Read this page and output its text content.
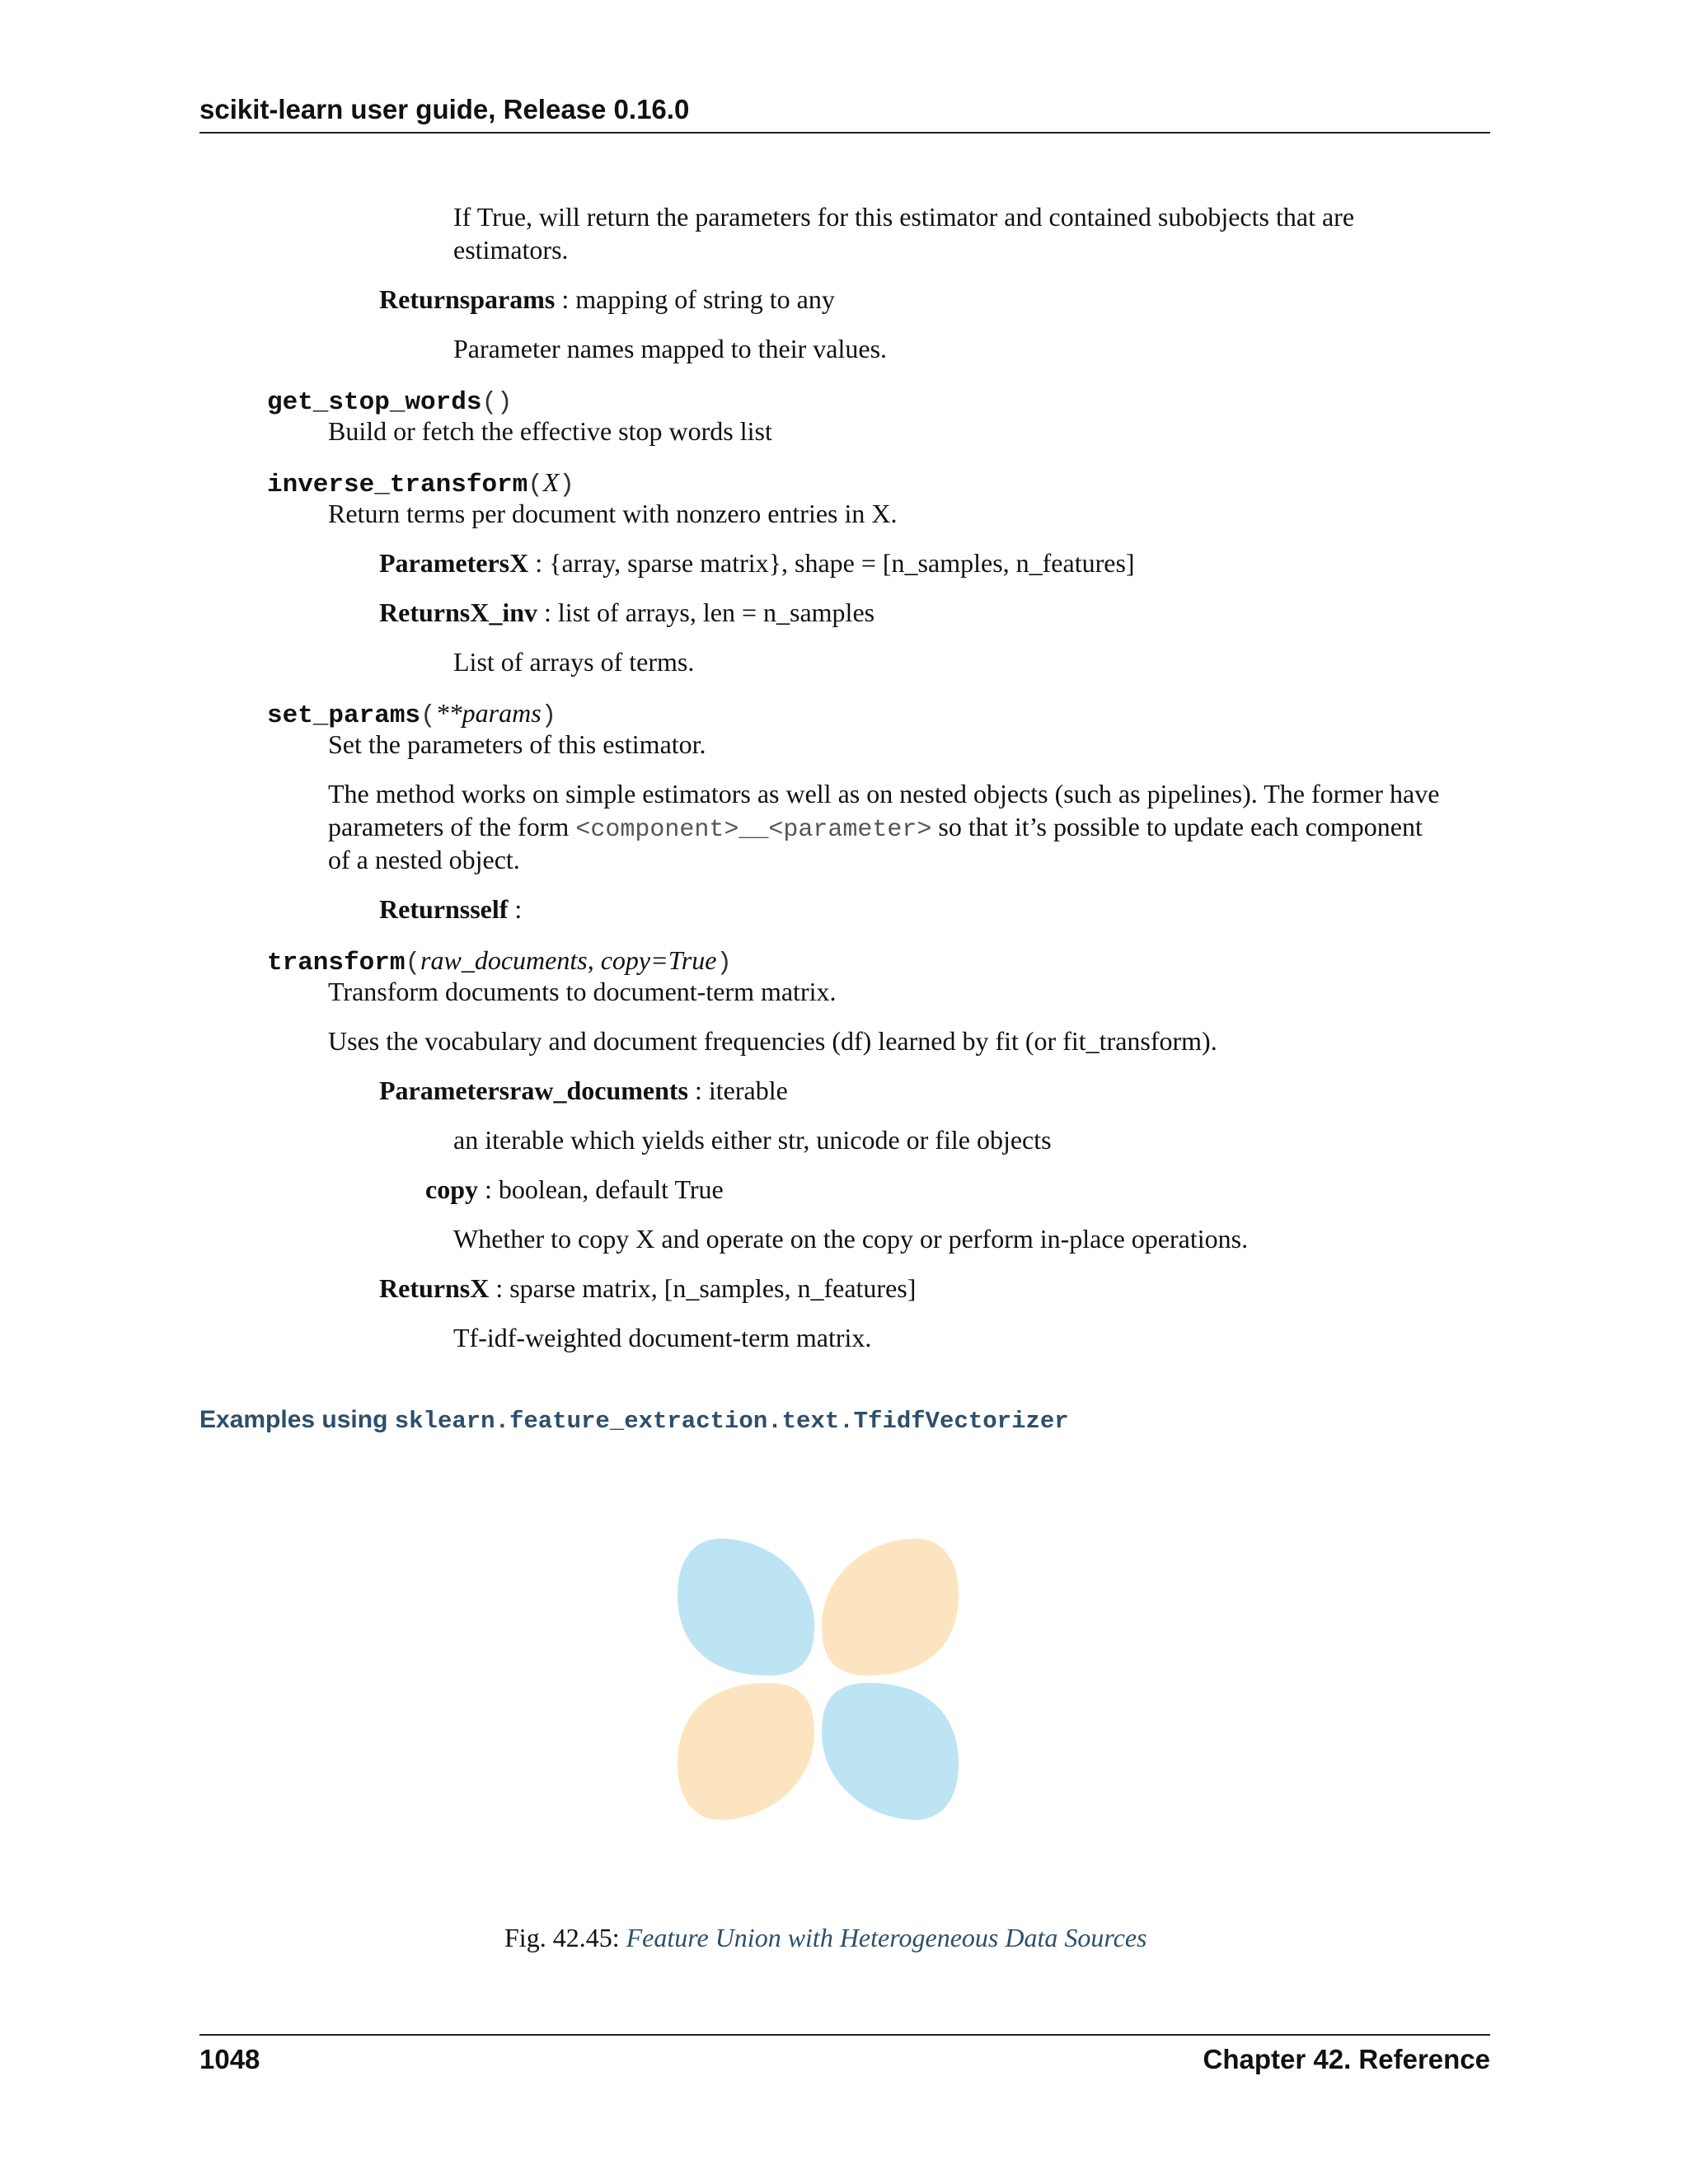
scikit-learn user guide, Release 0.16.0
If True, will return the parameters for this estimator and contained subobjects that are
estimators.
Returnsparams : mapping of string to any
Parameter names mapped to their values.
get_stop_words()
Build or fetch the effective stop words list
inverse_transform(X)
Return terms per document with nonzero entries in X.
ParametersX : {array, sparse matrix}, shape = [n_samples, n_features]
ReturnsX_inv : list of arrays, len = n_samples
List of arrays of terms.
set_params(**params)
Set the parameters of this estimator.
The method works on simple estimators as well as on nested objects (such as pipelines). The former have
parameters of the form <component>__<parameter> so that it’s possible to update each component
of a nested object.
Returnsself :
transform(raw_documents, copy=True)
Transform documents to document-term matrix.
Uses the vocabulary and document frequencies (df) learned by fit (or fit_transform).
Parametersraw_documents : iterable
an iterable which yields either str, unicode or file objects
copy : boolean, default True
Whether to copy X and operate on the copy or perform in-place operations.
ReturnsX : sparse matrix, [n_samples, n_features]
Tf-idf-weighted document-term matrix.
Examples using sklearn.feature_extraction.text.TfidfVectorizer
Fig. 42.45: Feature Union with Heterogeneous Data Sources
1048	Chapter 42. Reference
